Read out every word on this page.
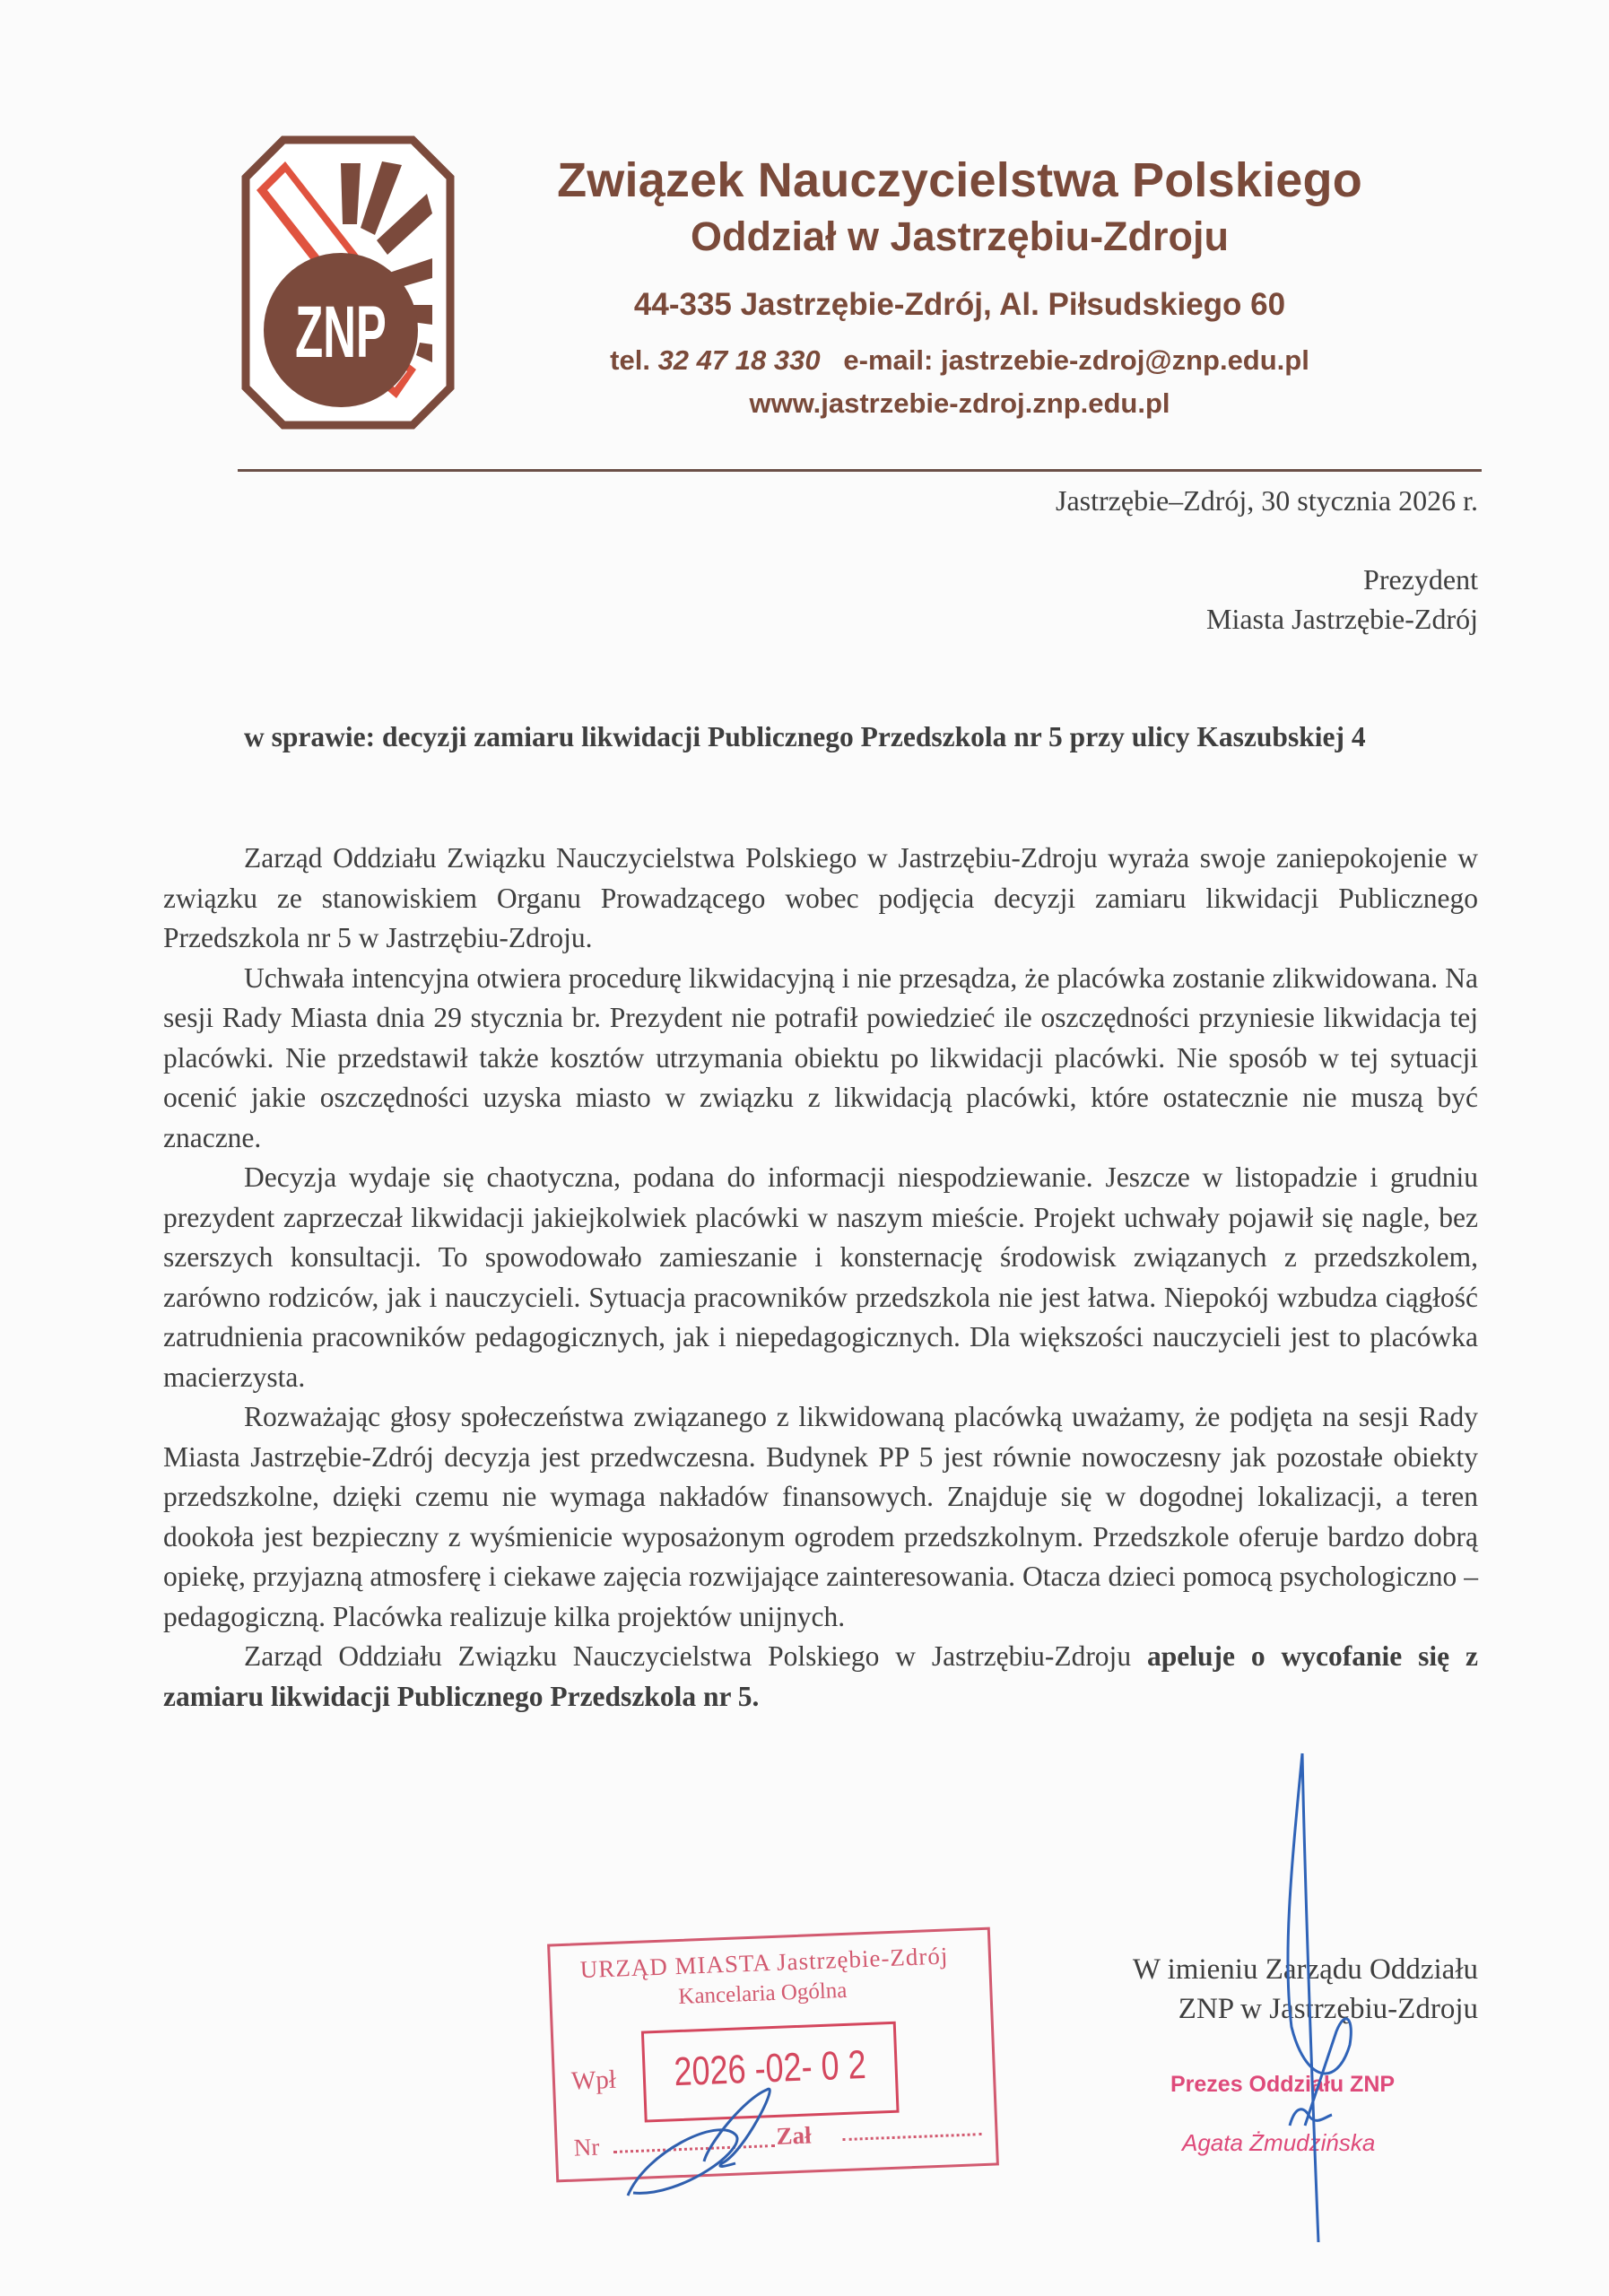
ZNP
Związek Nauczycielstwa Polskiego
Oddział w Jastrzębiu-Zdroju
44-335 Jastrzębie-Zdrój, Al. Piłsudskiego 60
tel. 32 47 18 330 e-mail: jastrzebie-zdroj@znp.edu.pl
www.jastrzebie-zdroj.znp.edu.pl
Jastrzębie–Zdrój, 30 stycznia 2026 r.
Prezydent
Miasta Jastrzębie-Zdrój
w sprawie: decyzji zamiaru likwidacji Publicznego Przedszkola nr 5 przy ulicy Kaszubskiej 4

Zarząd Oddziału Związku Nauczycielstwa Polskiego w Jastrzębiu-Zdroju wyraża swoje zaniepokojenie w związku ze stanowiskiem Organu Prowadzącego wobec podjęcia decyzji zamiaru likwidacji Publicznego Przedszkola nr 5 w Jastrzębiu-Zdroju.

Uchwała intencyjna otwiera procedurę likwidacyjną i nie przesądza, że placówka zostanie zlikwidowana. Na sesji Rady Miasta dnia 29 stycznia br. Prezydent nie potrafił powiedzieć ile oszczędności przyniesie likwidacja tej placówki. Nie przedstawił także kosztów utrzymania obiektu po likwidacji placówki. Nie sposób w tej sytuacji ocenić jakie oszczędności uzyska miasto w związku z likwidacją placówki, które ostatecznie nie muszą być znaczne.

Decyzja wydaje się chaotyczna, podana do informacji niespodziewanie. Jeszcze w listopadzie i grudniu prezydent zaprzeczał likwidacji jakiejkolwiek placówki w naszym mieście. Projekt uchwały pojawił się nagle, bez szerszych konsultacji. To spowodowało zamieszanie i konsternację środowisk związanych z przedszkolem, zarówno rodziców, jak i nauczycieli. Sytuacja pracowników przedszkola nie jest łatwa. Niepokój wzbudza ciągłość zatrudnienia pracowników pedagogicznych, jak i niepedagogicznych. Dla większości nauczycieli jest to placówka macierzysta.

Rozważając głosy społeczeństwa związanego z likwidowaną placówką uważamy, że podjęta na sesji Rady Miasta Jastrzębie-Zdrój decyzja jest przedwczesna. Budynek PP 5 jest równie nowoczesny jak pozostałe obiekty przedszkolne, dzięki czemu nie wymaga nakładów finansowych. Znajduje się w dogodnej lokalizacji, a teren dookoła jest bezpieczny z wyśmienicie wyposażonym ogrodem przedszkolnym. Przedszkole oferuje bardzo dobrą opiekę, przyjazną atmosferę i ciekawe zajęcia rozwijające zainteresowania. Otacza dzieci pomocą psychologiczno – pedagogiczną. Placówka realizuje kilka projektów unijnych.

Zarząd Oddziału Związku Nauczycielstwa Polskiego w Jastrzębiu-Zdroju apeluje o wycofanie się z zamiaru likwidacji Publicznego Przedszkola nr 5.

URZĄD MIASTA Jastrzębie-Zdrój
Kancelaria Ogólna
Wpł 2026 -02- 0 2
Nr	Zał
W imieniu Zarządu Oddziału
ZNP w Jastrzębiu-Zdroju
Prezes Oddziału ZNP
Agata Żmudzińska
